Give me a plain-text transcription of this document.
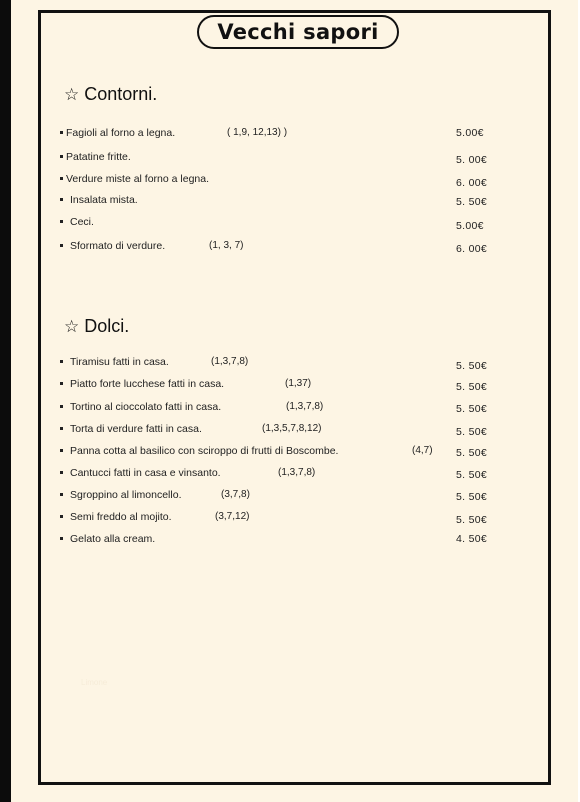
Vecchi sapori
☆ Contorni.
Fagioli al forno a legna.	( 1,9, 12,13) )	5.00€
Patatine fritte.	5. 00€
Verdure miste al forno a legna.	6. 00€
Insalata mista.	5. 50€
Ceci.	5.00€
Sformato di verdure.	(1, 3, 7)	6. 00€
☆ Dolci.
Tiramisu fatti in casa.	(1,3,7,8)	5. 50€
Piatto forte lucchese fatti in casa.	(1,37)	5. 50€
Tortino al cioccolato fatti in casa.	(1,3,7,8)	5. 50€
Torta di verdure fatti in casa.	(1,3,5,7,8,12)	5. 50€
Panna cotta al basilico con sciroppo di frutti di Boscombe.	(4,7) 5. 50€
Cantucci fatti in casa e vinsanto.	(1,3,7,8)	5. 50€
Sgroppino al limoncello.	(3,7,8)	5. 50€
Semi freddo al mojito.	(3,7,12)	5. 50€
Gelato alla cream.	4. 50€
Limone
